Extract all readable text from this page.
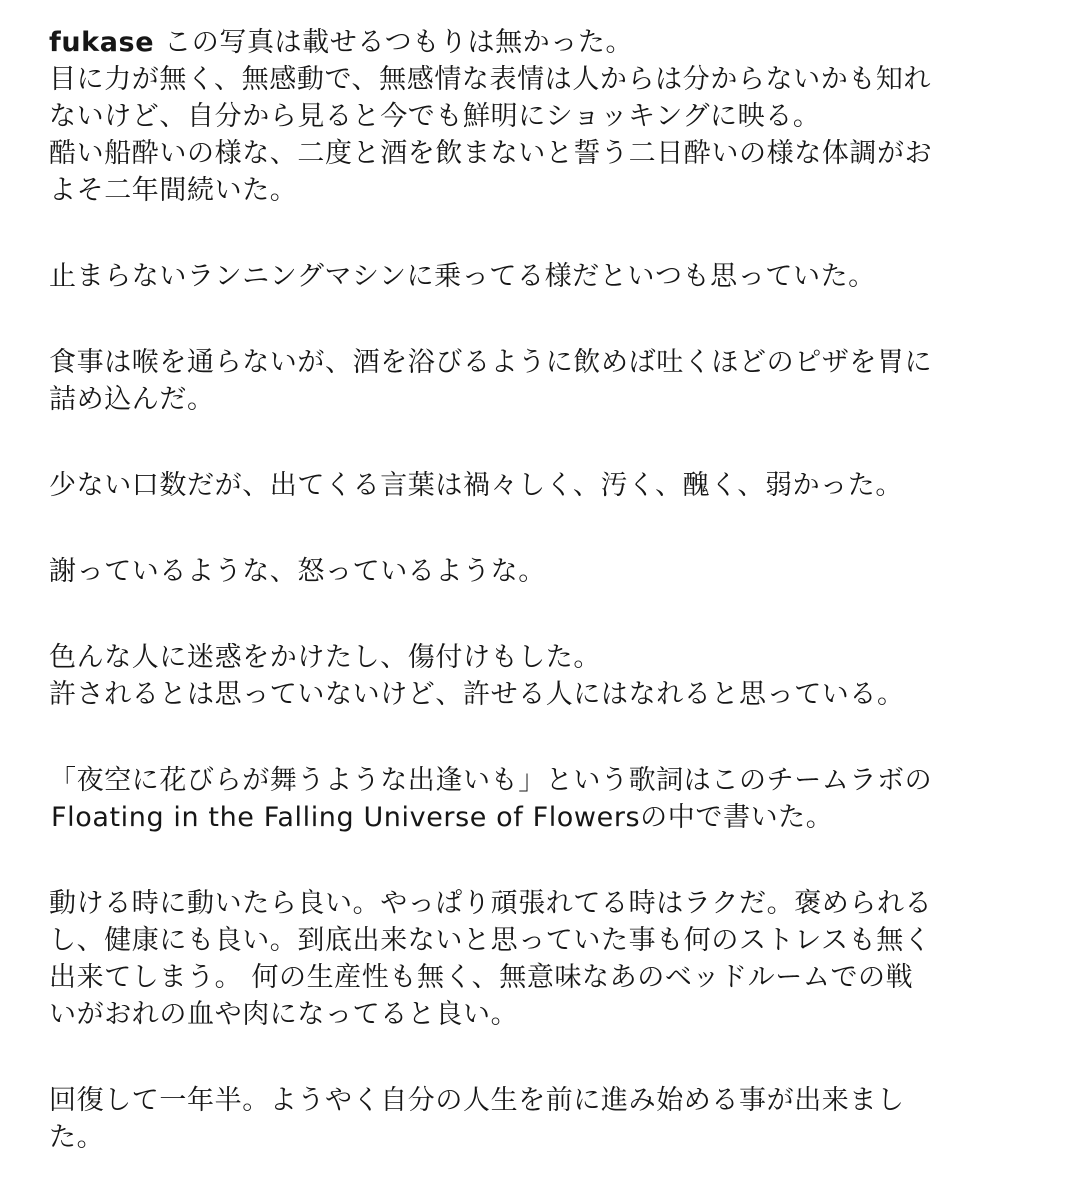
fukase この写真は載せるつもりは無かった。
目に力が無く、無感動で、無感情な表情は人からは分からないかも知れ
ないけど、自分から見ると今でも鮮明にショッキングに映る。
酷い船酔いの様な、二度と酒を飲まないと誓う二日酔いの様な体調がお
よそ二年間続いた。
止まらないランニングマシンに乗ってる様だといつも思っていた。
食事は喉を通らないが、酒を浴びるように飲めば吐くほどのピザを胃に
詰め込んだ。
少ない口数だが、出てくる言葉は禍々しく、汚く、醜く、弱かった。
謝っているような、怒っているような。
色んな人に迷惑をかけたし、傷付けもした。
許されるとは思っていないけど、許せる人にはなれると思っている。
「夜空に花びらが舞うような出逢いも」という歌詞はこのチームラボの
Floating in the Falling Universe of Flowersの中で書いた。
動ける時に動いたら良い。やっぱり頑張れてる時はラクだ。褒められる
し、健康にも良い。到底出来ないと思っていた事も何のストレスも無く
出来てしまう。 何の生産性も無く、無意味なあのベッドルームでの戦
いがおれの血や肉になってると良い。
回復して一年半。ようやく自分の人生を前に進み始める事が出来まし
た。
